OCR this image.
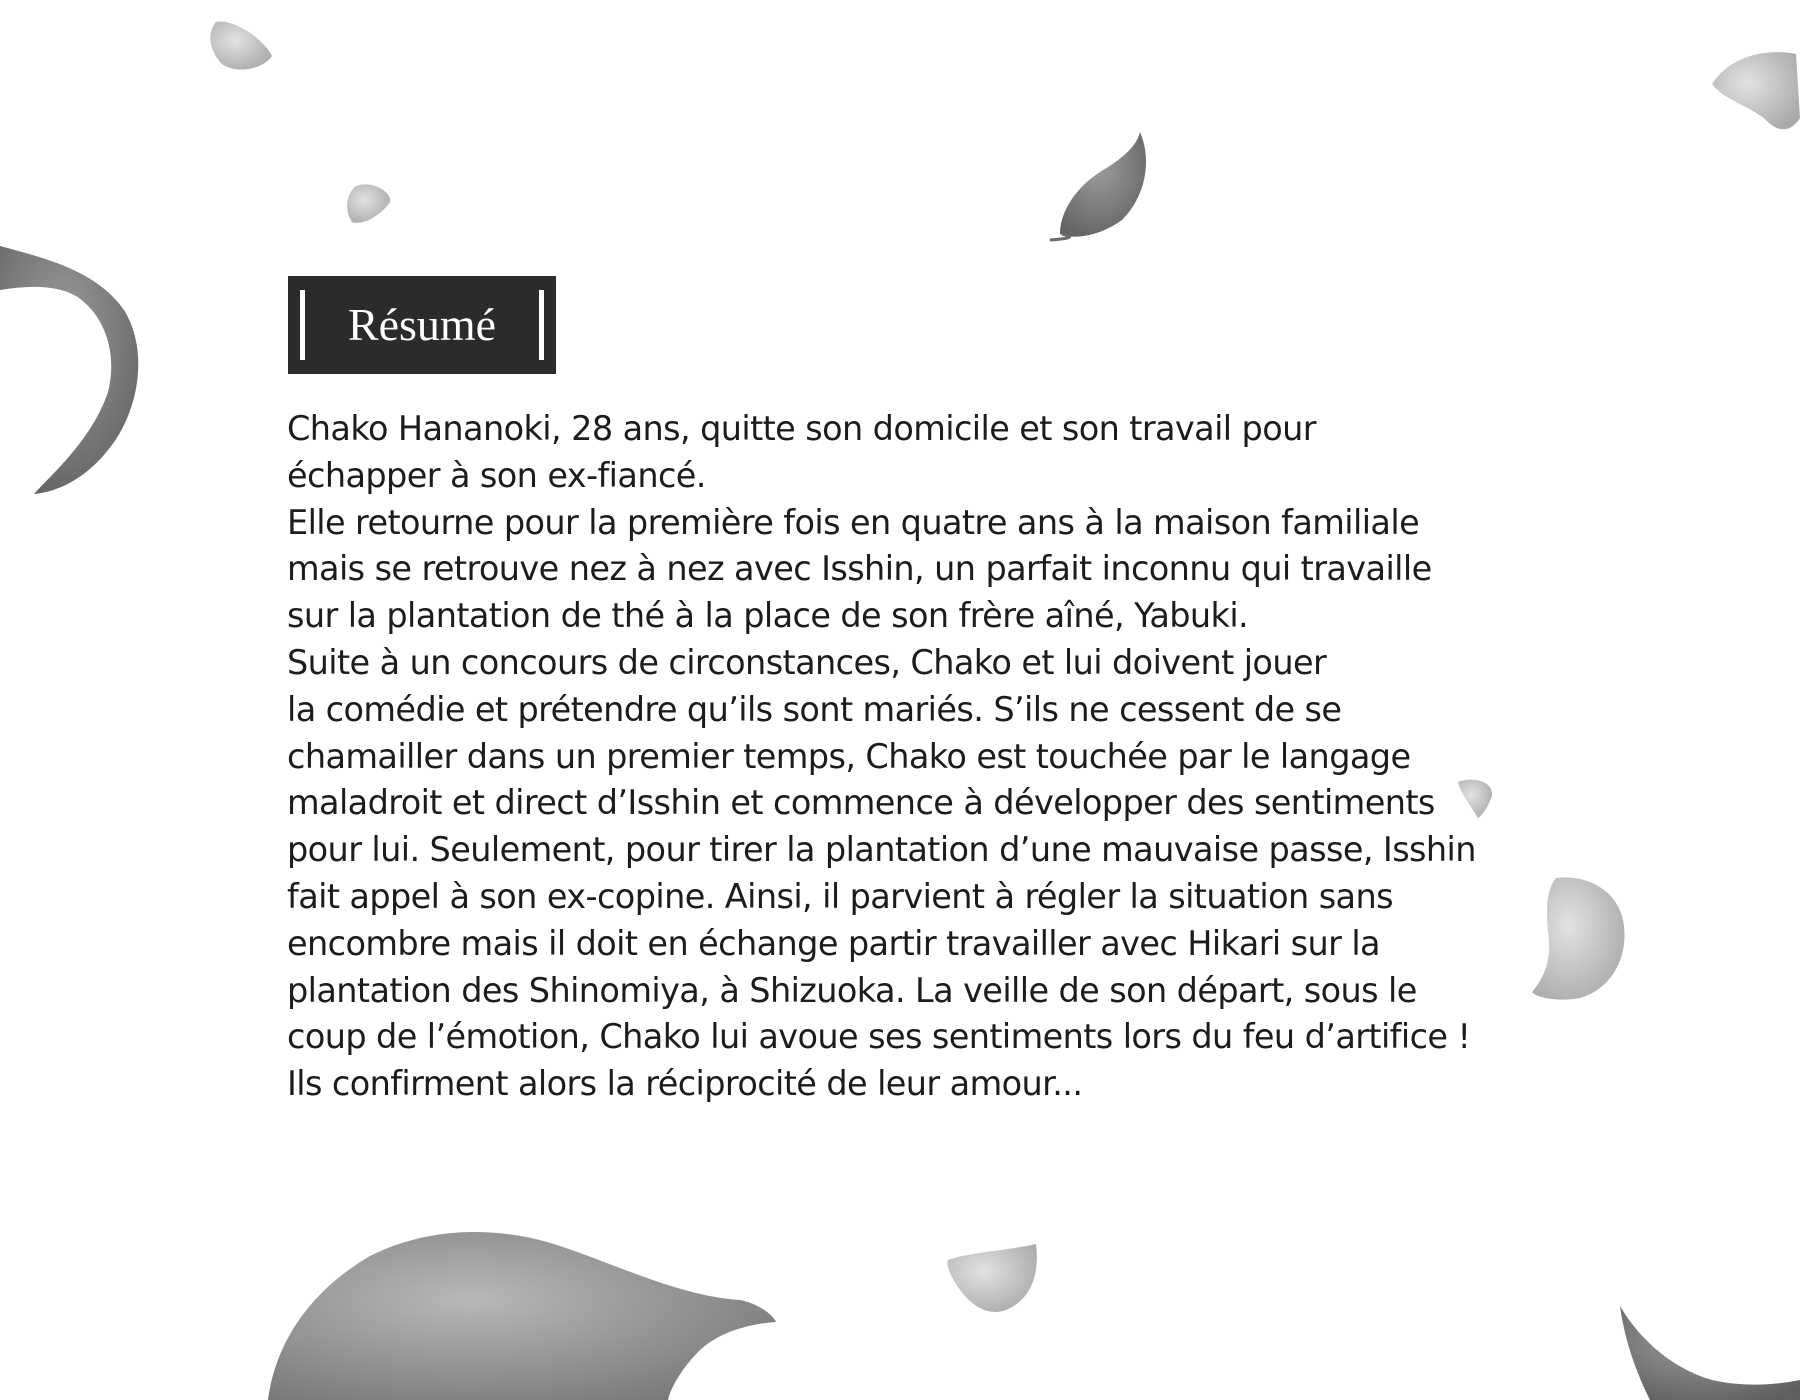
Résumé

Chako Hananoki, 28 ans, quitte son domicile et son travail pour
échapper à son ex-fiancé.
Elle retourne pour la première fois en quatre ans à la maison familiale
mais se retrouve nez à nez avec Isshin, un parfait inconnu qui travaille
sur la plantation de thé à la place de son frère aîné, Yabuki.
Suite à un concours de circonstances, Chako et lui doivent jouer
la comédie et prétendre qu’ils sont mariés. S’ils ne cessent de se
chamailler dans un premier temps, Chako est touchée par le langage
maladroit et direct d’Isshin et commence à développer des sentiments
pour lui. Seulement, pour tirer la plantation d’une mauvaise passe, Isshin
fait appel à son ex-copine. Ainsi, il parvient à régler la situation sans
encombre mais il doit en échange partir travailler avec Hikari sur la
plantation des Shinomiya, à Shizuoka. La veille de son départ, sous le
coup de l’émotion, Chako lui avoue ses sentiments lors du feu d’artifice !
Ils confirment alors la réciprocité de leur amour...
